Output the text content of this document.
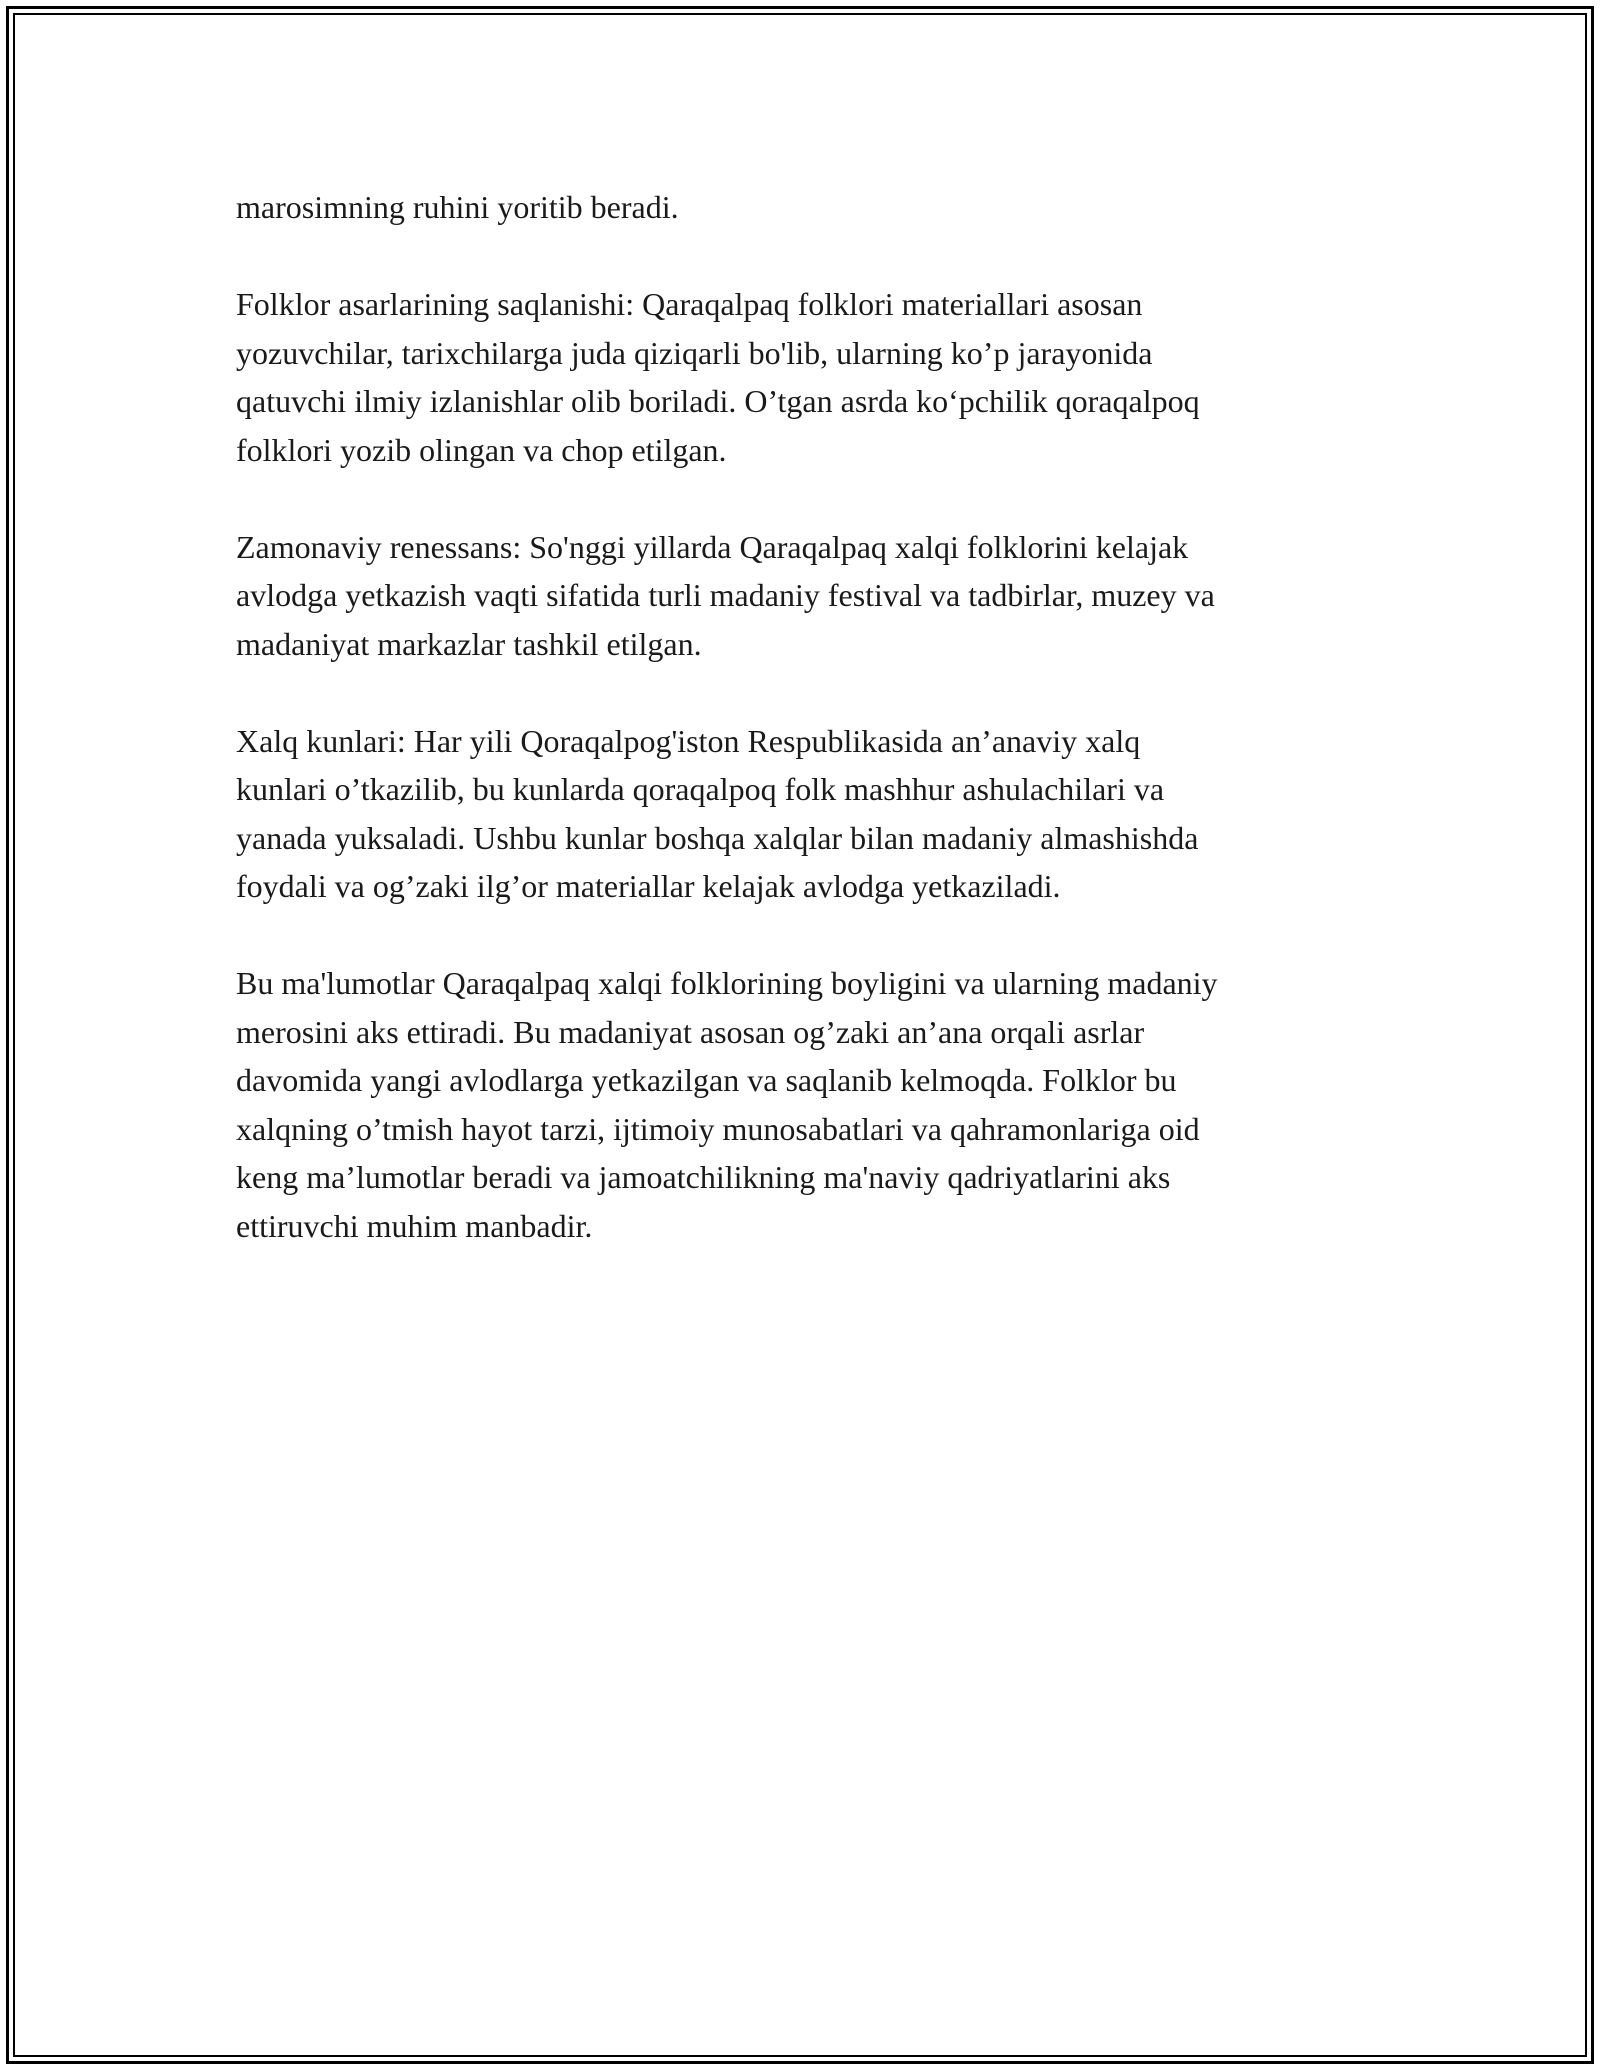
marosimning ruhini yoritib beradi.

Folklor asarlarining saqlanishi: Qaraqalpaq folklori materiallari asosan
yozuvchilar, tarixchilarga juda qiziqarli bo'lib, ularning ko’p jarayonida
qatuvchi ilmiy izlanishlar olib boriladi. O’tgan asrda ko‘pchilik qoraqalpoq
folklori yozib olingan va chop etilgan.

Zamonaviy renessans: So'nggi yillarda Qaraqalpaq xalqi folklorini kelajak
avlodga yetkazish vaqti sifatida turli madaniy festival va tadbirlar, muzey va
madaniyat markazlar tashkil etilgan.

Xalq kunlari: Har yili Qoraqalpog'iston Respublikasida an’anaviy xalq
kunlari o’tkazilib, bu kunlarda qoraqalpoq folk mashhur ashulachilari va
yanada yuksaladi. Ushbu kunlar boshqa xalqlar bilan madaniy almashishda
foydali va og’zaki ilg’or materiallar kelajak avlodga yetkaziladi.

Bu ma'lumotlar Qaraqalpaq xalqi folklorining boyligini va ularning madaniy
merosini aks ettiradi. Bu madaniyat asosan og’zaki an’ana orqali asrlar
davomida yangi avlodlarga yetkazilgan va saqlanib kelmoqda. Folklor bu
xalqning o’tmish hayot tarzi, ijtimoiy munosabatlari va qahramonlariga oid
keng ma’lumotlar beradi va jamoatchilikning ma'naviy qadriyatlarini aks
ettiruvchi muhim manbadir.
